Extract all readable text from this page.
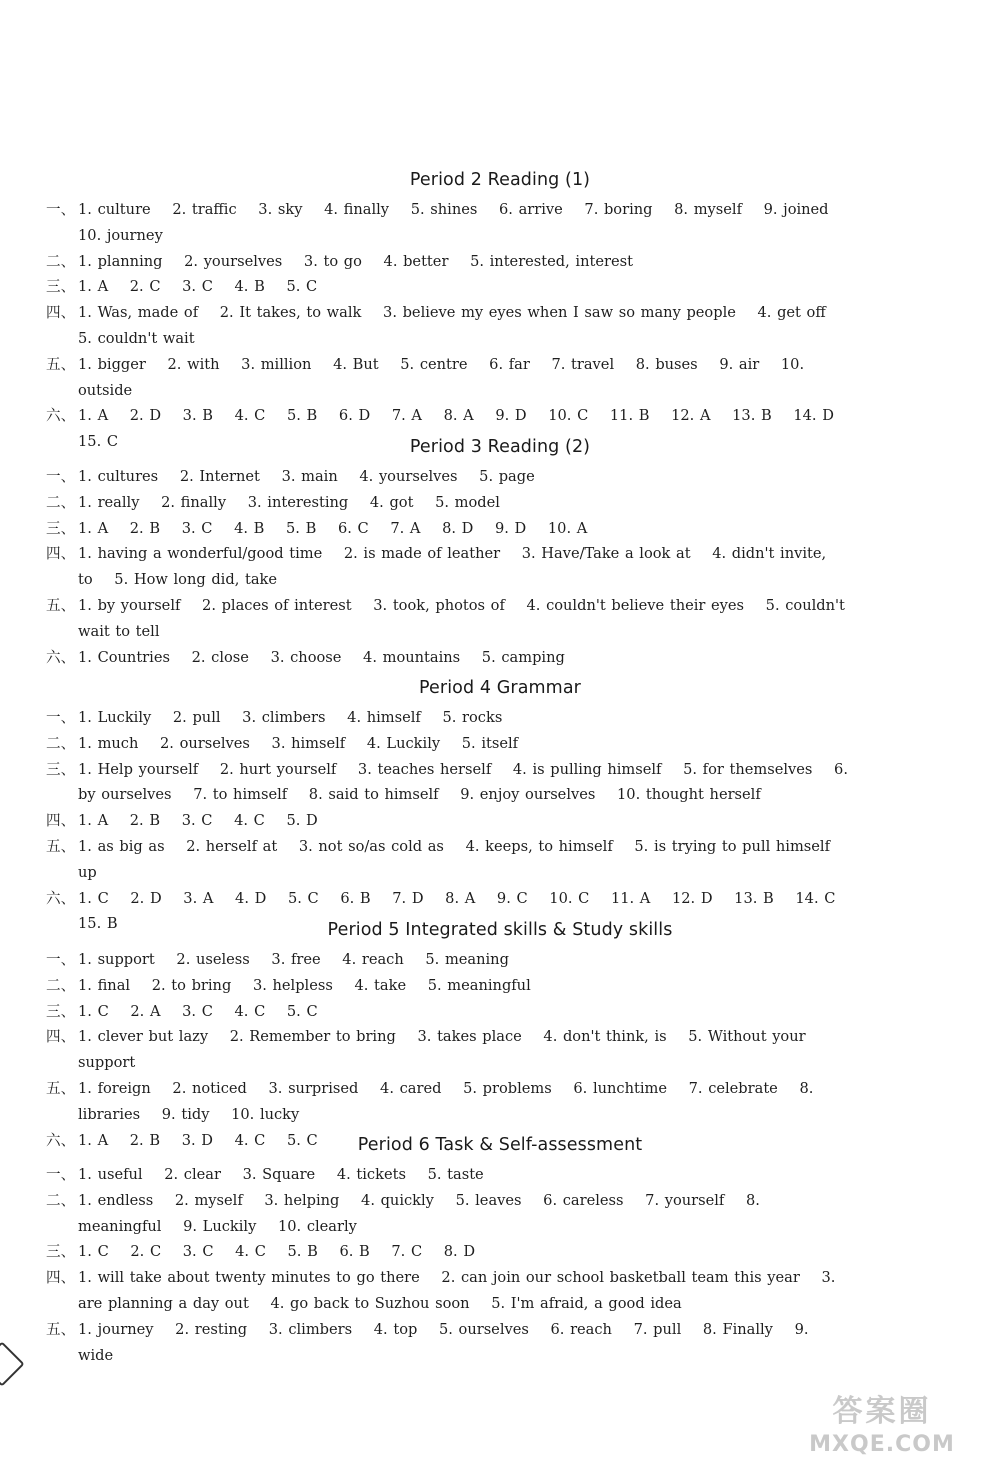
Period 2 Reading (1)
一、 1. culture 2. traffic 3. sky 4. finally 5. shines 6. arrive 7. boring 8. myself 9. joined 10. journey
二、 1. planning 2. yourselves 3. to go 4. better 5. interested, interest
三、 1. A 2. C 3. C 4. B 5. C
四、 1. Was, made of 2. It takes, to walk 3. believe my eyes when I saw so many people 4. get off 5. couldn't wait
五、 1. bigger 2. with 3. million 4. But 5. centre 6. far 7. travel 8. buses 9. air 10. outside
六、 1. A 2. D 3. B 4. C 5. B 6. D 7. A 8. A 9. D 10. C 11. B 12. A 13. B 14. D 15. C	Period 3 Reading (2)
一、 1. cultures 2. Internet 3. main 4. yourselves 5. page
二、 1. really 2. finally 3. interesting 4. got 5. model
三、 1. A 2. B 3. C 4. B 5. B 6. C 7. A 8. D 9. D 10. A
四、 1. having a wonderful/good time 2. is made of leather 3. Have/Take a look at 4. didn't invite, to 5. How long did, take
五、 1. by yourself 2. places of interest 3. took, photos of 4. couldn't believe their eyes 5. couldn't wait to tell
六、 1. Countries 2. close 3. choose 4. mountains 5. camping
Period 4 Grammar
一、 1. Luckily 2. pull 3. climbers 4. himself 5. rocks
二、 1. much 2. ourselves 3. himself 4. Luckily 5. itself
三、 1. Help yourself 2. hurt yourself 3. teaches herself 4. is pulling himself 5. for themselves 6. by ourselves 7. to himself 8. said to himself 9. enjoy ourselves 10. thought herself
四、 1. A 2. B 3. C 4. C 5. D
五、 1. as big as 2. herself at 3. not so/as cold as 4. keeps, to himself 5. is trying to pull himself up
六、 1. C 2. D 3. A 4. D 5. C 6. B 7. D 8. A 9. C 10. C 11. A 12. D 13. B 14. C 15. B	Period 5 Integrated skills & Study skills
一、 1. support 2. useless 3. free 4. reach 5. meaning
二、 1. final 2. to bring 3. helpless 4. take 5. meaningful
三、 1. C 2. A 3. C 4. C 5. C
四、 1. clever but lazy 2. Remember to bring 3. takes place 4. don't think, is 5. Without your support
五、 1. foreign 2. noticed 3. surprised 4. cared 5. problems 6. lunchtime 7. celebrate 8. libraries 9. tidy 10. lucky
六、 1. A 2. B 3. D 4. C 5. C	Period 6 Task & Self-assessment
一、 1. useful 2. clear 3. Square 4. tickets 5. taste
二、 1. endless 2. myself 3. helping 4. quickly 5. leaves 6. careless 7. yourself 8. meaningful 9. Luckily 10. clearly
三、 1. C 2. C 3. C 4. C 5. B 6. B 7. C 8. D
四、 1. will take about twenty minutes to go there 2. can join our school basketball team this year 3. are planning a day out 4. go back to Suzhou soon 5. I'm afraid, a good idea
五、 1. journey 2. resting 3. climbers 4. top 5. ourselves 6. reach 7. pull 8. Finally 9. wide
答案圈
MXQE.COM
